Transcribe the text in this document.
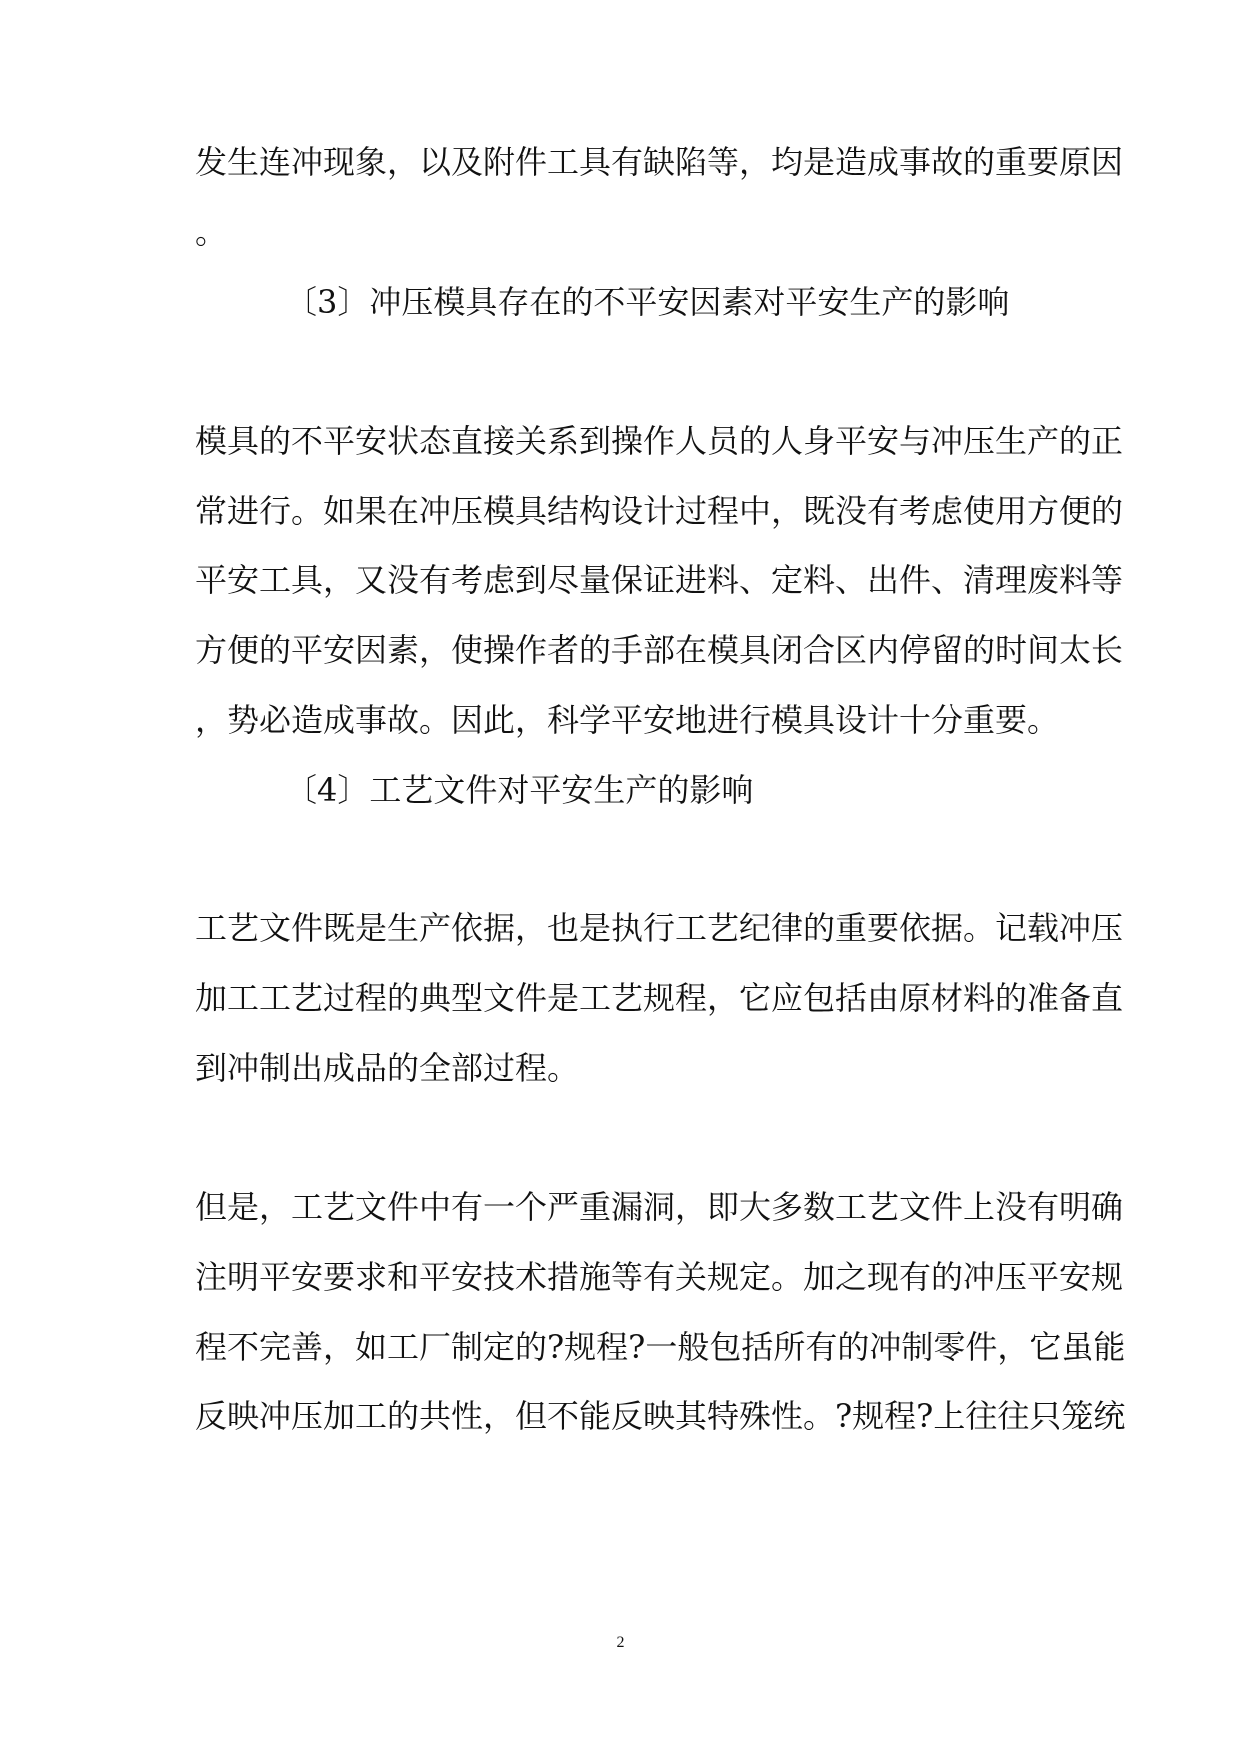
发生连冲现象，以及附件工具有缺陷等，均是造成事故的重要原因
。
〔3〕冲压模具存在的不平安因素对平安生产的影响
模具的不平安状态直接关系到操作人员的人身平安与冲压生产的正
常进行。如果在冲压模具结构设计过程中，既没有考虑使用方便的
平安工具，又没有考虑到尽量保证进料、定料、出件、清理废料等
方便的平安因素，使操作者的手部在模具闭合区内停留的时间太长
，势必造成事故。因此，科学平安地进行模具设计十分重要。
〔4〕工艺文件对平安生产的影响
工艺文件既是生产依据，也是执行工艺纪律的重要依据。记载冲压
加工工艺过程的典型文件是工艺规程，它应包括由原材料的准备直
到冲制出成品的全部过程。
但是，工艺文件中有一个严重漏洞，即大多数工艺文件上没有明确
注明平安要求和平安技术措施等有关规定。加之现有的冲压平安规
程不完善，如工厂制定的?规程?一般包括所有的冲制零件，它虽能
反映冲压加工的共性，但不能反映其特殊性。?规程?上往往只笼统
2
